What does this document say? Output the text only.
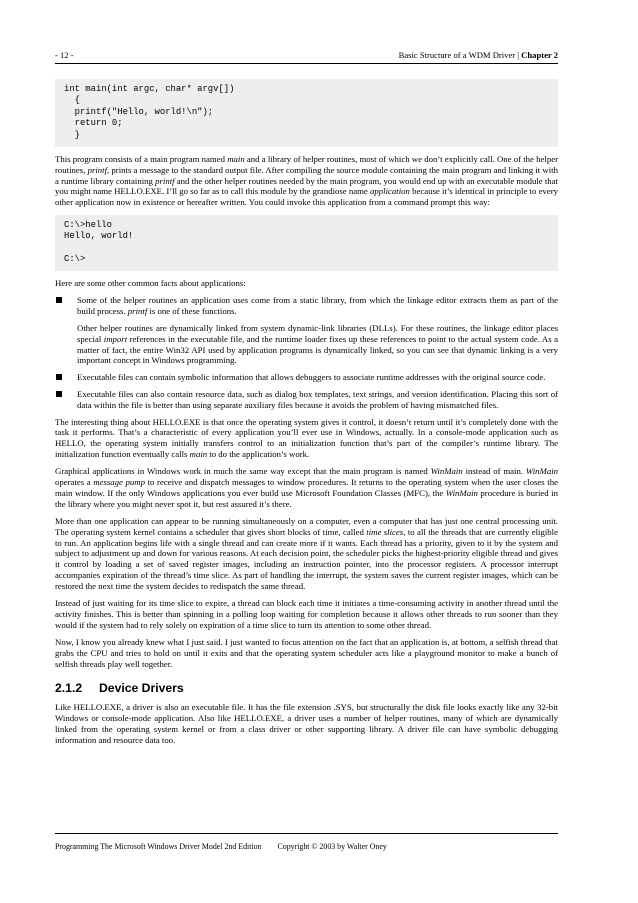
- 12 -	Basic Structure of a WDM Driver | Chapter 2
int main(int argc, char* argv[])
{
printf("Hello, world!\n");
return 0;
}

This program consists of a main program named main and a library of helper routines, most of which we don’t explicitly call. One of the helper routines, printf, prints a message to the standard output file. After compiling the source module containing the main program and linking it with a runtime library containing printf and the other helper routines needed by the main program, you would end up with an executable module that you might name HELLO.EXE. I’ll go so far as to call this module by the grandiose name application because it’s identical in principle to every other application now in existence or hereafter written. You could invoke this application from a command prompt this way:

C:\>hello
Hello, world!

C:\>

Here are some other common facts about applications:

Some of the helper routines an application uses come from a static library, from which the linkage editor extracts them as part of the build process. printf is one of these functions.

Other helper routines are dynamically linked from system dynamic-link libraries (DLLs). For these routines, the linkage editor places special import references in the executable file, and the runtime loader fixes up these references to point to the actual system code. As a matter of fact, the entire Win32 API used by application programs is dynamically linked, so you can see that dynamic linking is a very important concept in Windows programming.

Executable files can contain symbolic information that allows debuggers to associate runtime addresses with the original source code.

Executable files can also contain resource data, such as dialog box templates, text strings, and version identification. Placing this sort of data within the file is better than using separate auxiliary files because it avoids the problem of having mismatched files.

The interesting thing about HELLO.EXE is that once the operating system gives it control, it doesn’t return until it’s completely done with the task it performs. That’s a characteristic of every application you’ll ever use in Windows, actually. In a console-mode application such as HELLO, the operating system initially transfers control to an initialization function that’s part of the compiler’s runtime library. The initialization function eventually calls main to do the application’s work.

Graphical applications in Windows work in much the same way except that the main program is named WinMain instead of main. WinMain operates a message pump to receive and dispatch messages to window procedures. It returns to the operating system when the user closes the main window. If the only Windows applications you ever build use Microsoft Foundation Classes (MFC), the WinMain procedure is buried in the library where you might never spot it, but rest assured it’s there.

More than one application can appear to be running simultaneously on a computer, even a computer that has just one central processing unit. The operating system kernel contains a scheduler that gives short blocks of time, called time slices, to all the threads that are currently eligible to run. An application begins life with a single thread and can create more if it wants. Each thread has a priority, given to it by the system and subject to adjustment up and down for various reasons. At each decision point, the scheduler picks the highest-priority eligible thread and gives it control by loading a set of saved register images, including an instruction pointer, into the processor registers. A processor interrupt accompanies expiration of the thread’s time slice. As part of handling the interrupt, the system saves the current register images, which can be restored the next time the system decides to redispatch the same thread.

Instead of just waiting for its time slice to expire, a thread can block each time it initiates a time-consuming activity in another thread until the activity finishes. This is better than spinning in a polling loop waiting for completion because it allows other threads to run sooner than they would if the system had to rely solely on expiration of a time slice to turn its attention to some other thread.

Now, I know you already knew what I just said. I just wanted to focus attention on the fact that an application is, at bottom, a selfish thread that grabs the CPU and tries to hold on until it exits and that the operating system scheduler acts like a playground monitor to make a bunch of selfish threads play well together.

2.1.2 Device Drivers

Like HELLO.EXE, a driver is also an executable file. It has the file extension .SYS, but structurally the disk file looks exactly like any 32-bit Windows or console-mode application. Also like HELLO.EXE, a driver uses a number of helper routines, many of which are dynamically linked from the operating system kernel or from a class driver or other supporting library. A driver file can have symbolic debugging information and resource data too.

Programming The Microsoft Windows Driver Model 2nd Edition Copyright © 2003 by Walter Oney
